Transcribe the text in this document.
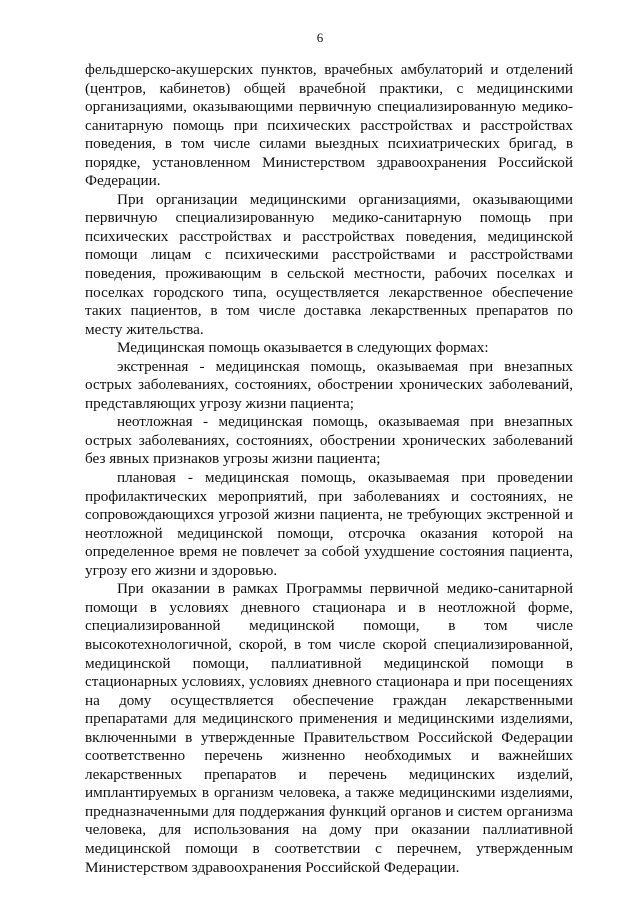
6

фельдшерско-акушерских пунктов, врачебных амбулаторий и отделений (центров, кабинетов) общей врачебной практики, с медицинскими организациями, оказывающими первичную специализированную медико-санитарную помощь при психических расстройствах и расстройствах поведения, в том числе силами выездных психиатрических бригад, в порядке, установленном Министерством здравоохранения Российской Федерации.

При организации медицинскими организациями, оказывающими первичную специализированную медико-санитарную помощь при психических расстройствах и расстройствах поведения, медицинской помощи лицам с психическими расстройствами и расстройствами поведения, проживающим в сельской местности, рабочих поселках и поселках городского типа, осуществляется лекарственное обеспечение таких пациентов, в том числе доставка лекарственных препаратов по месту жительства.

Медицинская помощь оказывается в следующих формах:

экстренная - медицинская помощь, оказываемая при внезапных острых заболеваниях, состояниях, обострении хронических заболеваний, представляющих угрозу жизни пациента;

неотложная - медицинская помощь, оказываемая при внезапных острых заболеваниях, состояниях, обострении хронических заболеваний без явных признаков угрозы жизни пациента;

плановая - медицинская помощь, оказываемая при проведении профилактических мероприятий, при заболеваниях и состояниях, не сопровождающихся угрозой жизни пациента, не требующих экстренной и неотложной медицинской помощи, отсрочка оказания которой на определенное время не повлечет за собой ухудшение состояния пациента, угрозу его жизни и здоровью.

При оказании в рамках Программы первичной медико-санитарной помощи в условиях дневного стационара и в неотложной форме, специализированной медицинской помощи, в том числе высокотехнологичной, скорой, в том числе скорой специализированной, медицинской помощи, паллиативной медицинской помощи в стационарных условиях, условиях дневного стационара и при посещениях на дому осуществляется обеспечение граждан лекарственными препаратами для медицинского применения и медицинскими изделиями, включенными в утвержденные Правительством Российской Федерации соответственно перечень жизненно необходимых и важнейших лекарственных препаратов и перечень медицинских изделий, имплантируемых в организм человека, а также медицинскими изделиями, предназначенными для поддержания функций органов и систем организма человека, для использования на дому при оказании паллиативной медицинской помощи в соответствии с перечнем, утвержденным Министерством здравоохранения Российской Федерации.
